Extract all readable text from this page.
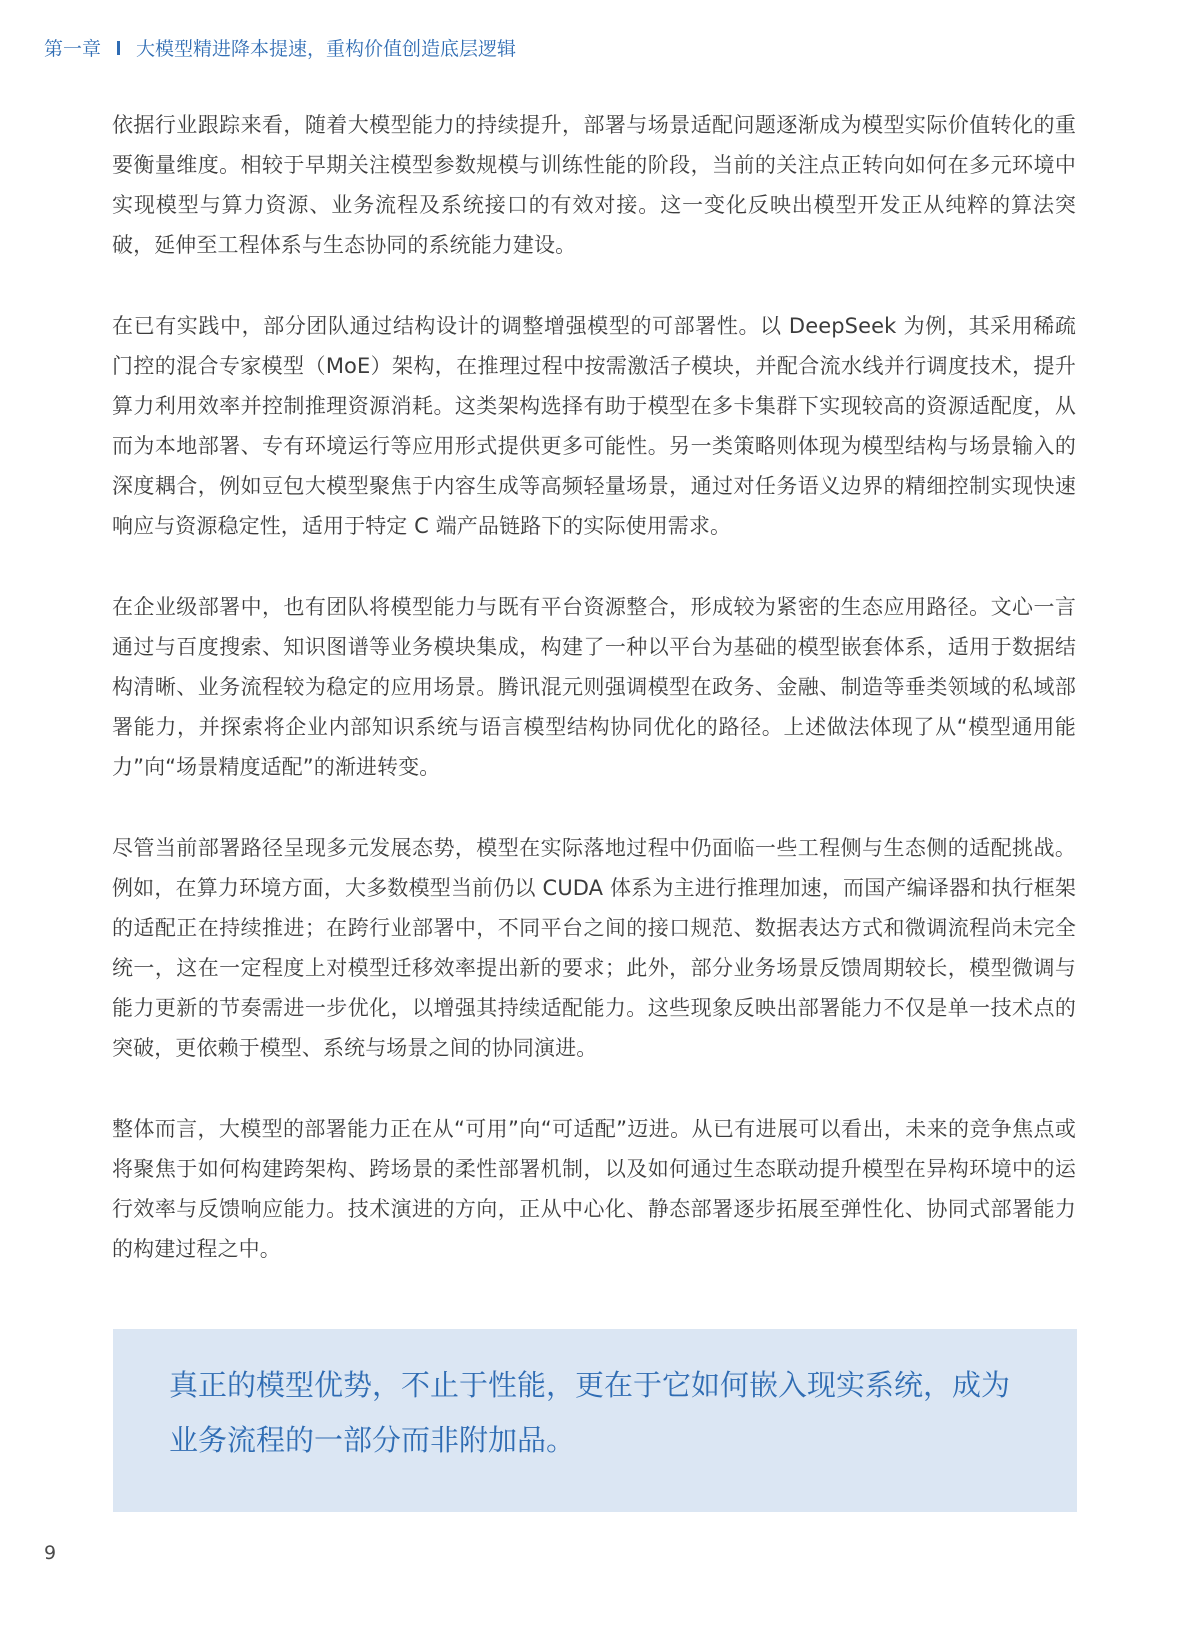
第一章 大模型精进降本提速，重构价值创造底层逻辑

依据行业跟踪来看，随着大模型能力的持续提升，部署与场景适配问题逐渐成为模型实际价值转化的重要衡量维度。相较于早期关注模型参数规模与训练性能的阶段，当前的关注点正转向如何在多元环境中实现模型与算力资源、业务流程及系统接口的有效对接。这一变化反映出模型开发正从纯粹的算法突破，延伸至工程体系与生态协同的系统能力建设。

在已有实践中，部分团队通过结构设计的调整增强模型的可部署性。以 DeepSeek 为例，其采用稀疏门控的混合专家模型（MoE）架构，在推理过程中按需激活子模块，并配合流水线并行调度技术，提升算力利用效率并控制推理资源消耗。这类架构选择有助于模型在多卡集群下实现较高的资源适配度，从而为本地部署、专有环境运行等应用形式提供更多可能性。另一类策略则体现为模型结构与场景输入的深度耦合，例如豆包大模型聚焦于内容生成等高频轻量场景，通过对任务语义边界的精细控制实现快速响应与资源稳定性，适用于特定 C 端产品链路下的实际使用需求。

在企业级部署中，也有团队将模型能力与既有平台资源整合，形成较为紧密的生态应用路径。文心一言通过与百度搜索、知识图谱等业务模块集成，构建了一种以平台为基础的模型嵌套体系，适用于数据结构清晰、业务流程较为稳定的应用场景。腾讯混元则强调模型在政务、金融、制造等垂类领域的私域部署能力，并探索将企业内部知识系统与语言模型结构协同优化的路径。上述做法体现了从“模型通用能力”向“场景精度适配”的渐进转变。

尽管当前部署路径呈现多元发展态势，模型在实际落地过程中仍面临一些工程侧与生态侧的适配挑战。例如，在算力环境方面，大多数模型当前仍以 CUDA 体系为主进行推理加速，而国产编译器和执行框架的适配正在持续推进；在跨行业部署中，不同平台之间的接口规范、数据表达方式和微调流程尚未完全统一，这在一定程度上对模型迁移效率提出新的要求；此外，部分业务场景反馈周期较长，模型微调与能力更新的节奏需进一步优化，以增强其持续适配能力。这些现象反映出部署能力不仅是单一技术点的突破，更依赖于模型、系统与场景之间的协同演进。

整体而言，大模型的部署能力正在从“可用”向“可适配”迈进。从已有进展可以看出，未来的竞争焦点或将聚焦于如何构建跨架构、跨场景的柔性部署机制，以及如何通过生态联动提升模型在异构环境中的运行效率与反馈响应能力。技术演进的方向，正从中心化、静态部署逐步拓展至弹性化、协同式部署能力的构建过程之中。

真正的模型优势，不止于性能，更在于它如何嵌入现实系统，成为业务流程的一部分而非附加品。

9
